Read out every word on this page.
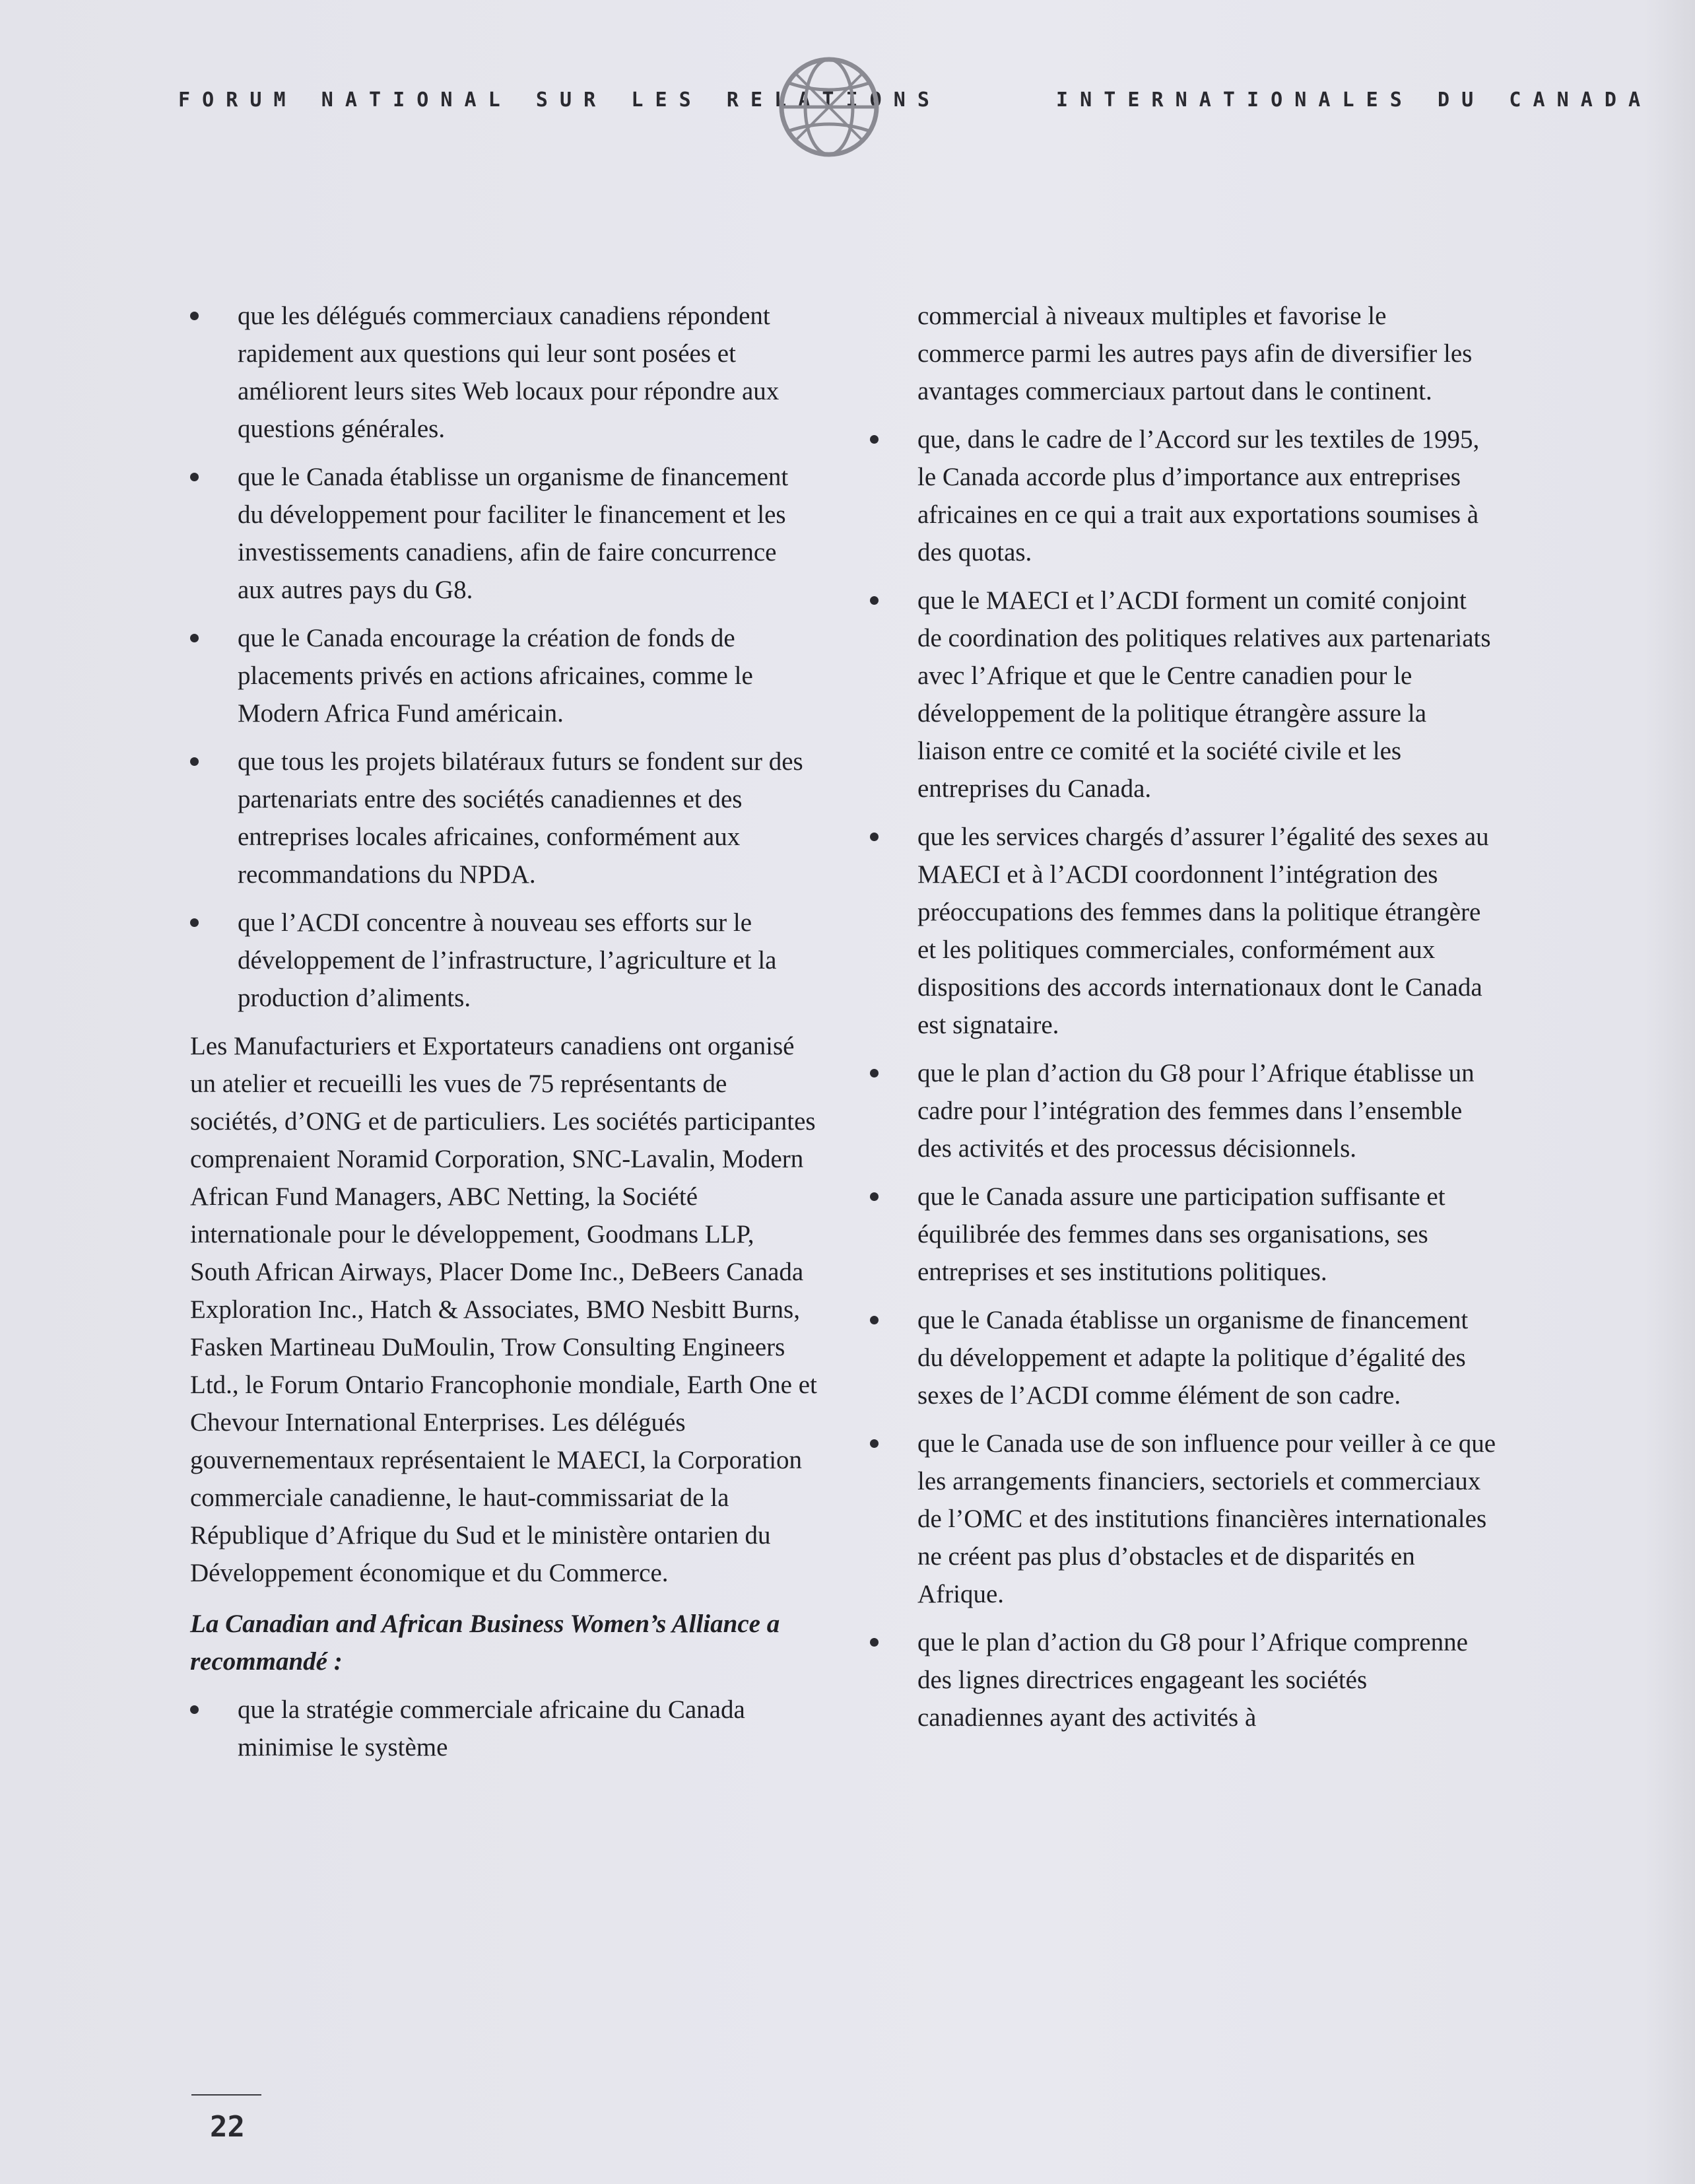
F O R U M   N A T I O N A L   S U R   L E S   R E L A T I O N S	I N T E R N A T I O N A L E S   D U   C A N A D A
que les délégués commerciaux canadiens répondent rapidement aux questions qui leur sont posées et améliorent leurs sites Web locaux pour répondre aux questions générales.
que le Canada établisse un organisme de financement du développement pour faciliter le financement et les investissements canadiens, afin de faire concurrence aux autres pays du G8.
que le Canada encourage la création de fonds de placements privés en actions africaines, comme le Modern Africa Fund américain.
que tous les projets bilatéraux futurs se fondent sur des partenariats entre des sociétés canadiennes et des entreprises locales africaines, conformément aux recommandations du NPDA.
que l’ACDI concentre à nouveau ses efforts sur le développement de l’infrastructure, l’agriculture et la production d’aliments.

Les Manufacturiers et Exportateurs canadiens ont organisé un atelier et recueilli les vues de 75 représentants de sociétés, d’ONG et de particuliers. Les sociétés participantes comprenaient Noramid Corporation, SNC-Lavalin, Modern African Fund Managers, ABC Netting, la Société internationale pour le développement, Goodmans LLP, South African Airways, Placer Dome Inc., DeBeers Canada Exploration Inc., Hatch & Associates, BMO Nesbitt Burns, Fasken Martineau DuMoulin, Trow Consulting Engineers Ltd., le Forum Ontario Francophonie mondiale, Earth One et Chevour International Enterprises. Les délégués gouvernementaux représentaient le MAECI, la Corporation commerciale canadienne, le haut-commissariat de la République d’Afrique du Sud et le ministère ontarien du Développement économique et du Commerce.

La Canadian and African Business Women’s Alliance a recommandé :

que la stratégie commerciale africaine du Canada minimise le système

commercial à niveaux multiples et favorise le commerce parmi les autres pays afin de diversifier les avantages commerciaux partout dans le continent.

que, dans le cadre de l’Accord sur les textiles de 1995, le Canada accorde plus d’importance aux entreprises africaines en ce qui a trait aux exportations soumises à des quotas.
que le MAECI et l’ACDI forment un comité conjoint de coordination des politiques relatives aux partenariats avec l’Afrique et que le Centre canadien pour le développement de la politique étrangère assure la liaison entre ce comité et la société civile et les entreprises du Canada.
que les services chargés d’assurer l’égalité des sexes au MAECI et à l’ACDI coordonnent l’intégration des préoccupations des femmes dans la politique étrangère et les politiques commerciales, conformément aux dispositions des accords internationaux dont le Canada est signataire.
que le plan d’action du G8 pour l’Afrique établisse un cadre pour l’intégration des femmes dans l’ensemble des activités et des processus décisionnels.
que le Canada assure une participation suffisante et équilibrée des femmes dans ses organisations, ses entreprises et ses institutions politiques.
que le Canada établisse un organisme de financement du développement et adapte la politique d’égalité des sexes de l’ACDI comme élément de son cadre.
que le Canada use de son influence pour veiller à ce que les arrangements financiers, sectoriels et commerciaux de l’OMC et des institutions financières internationales ne créent pas plus d’obstacles et de disparités en Afrique.
que le plan d’action du G8 pour l’Afrique comprenne des lignes directrices engageant les sociétés canadiennes ayant des activités à
22
